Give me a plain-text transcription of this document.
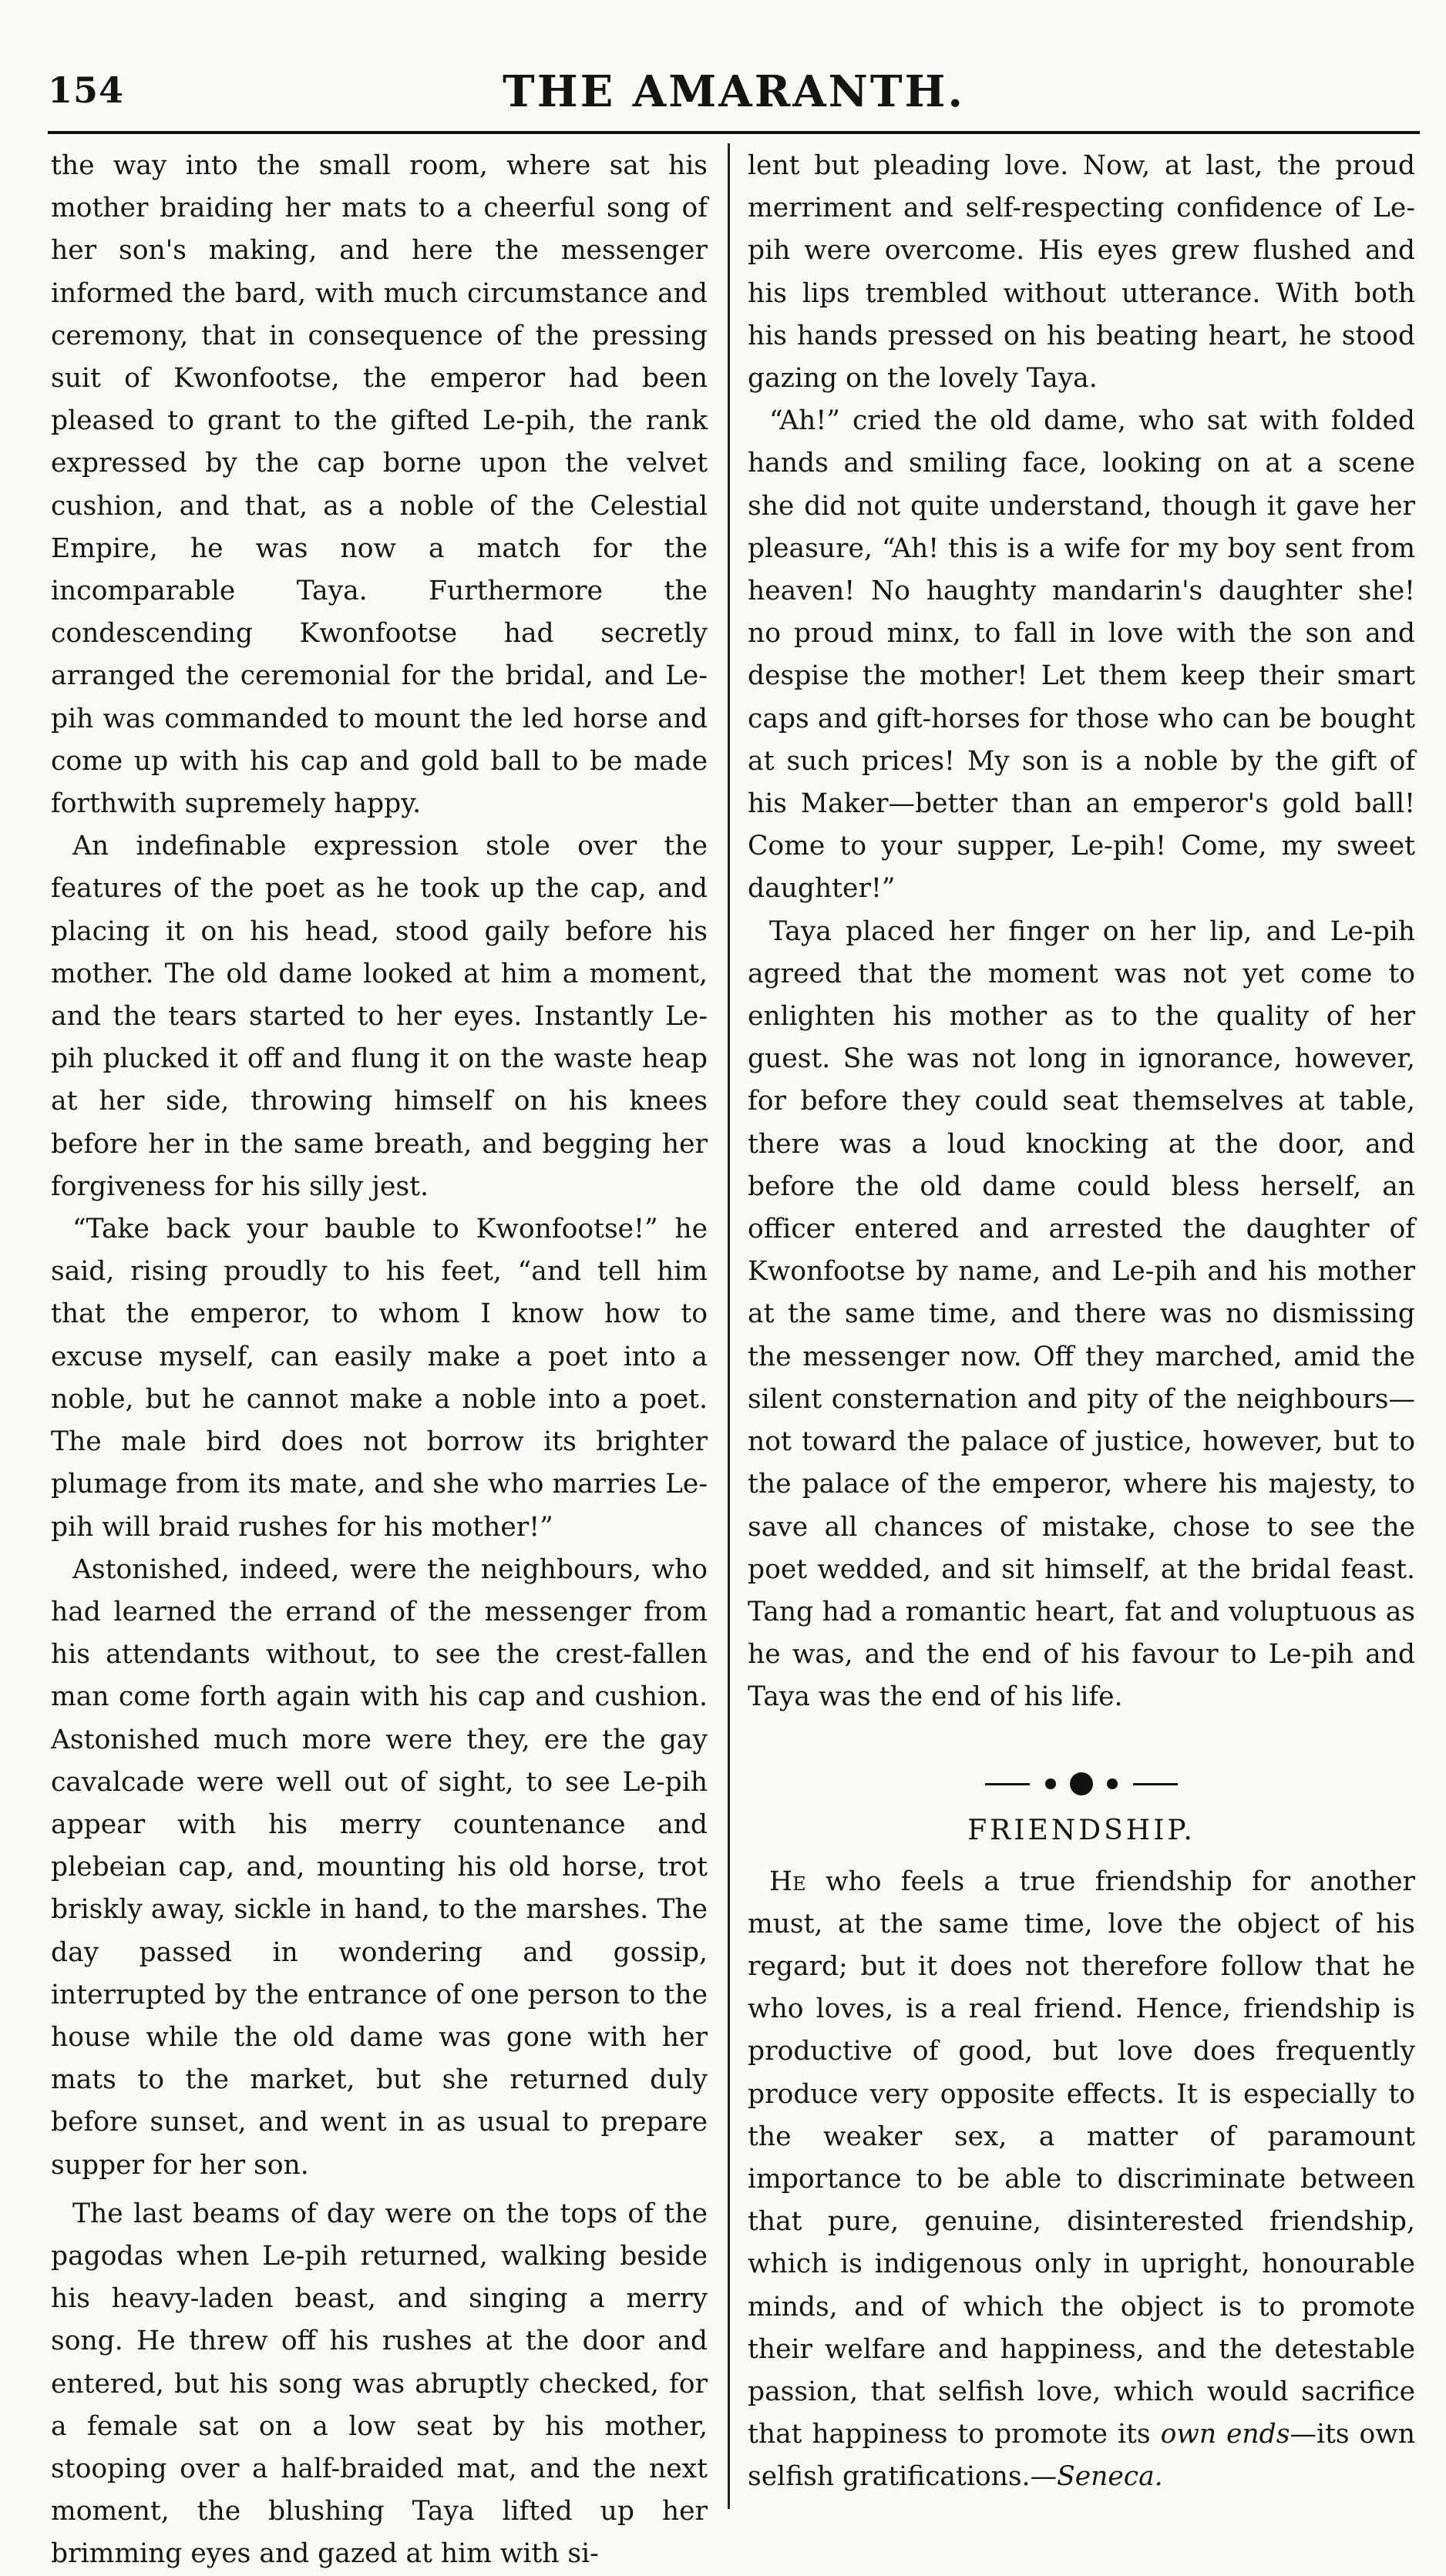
154	THE AMARANTH.

the way into the small room, where sat his mother braiding her mats to a cheerful song of her son's making, and here the messenger informed the bard, with much circumstance and ceremony, that in consequence of the pressing suit of Kwonfootse, the emperor had been pleased to grant to the gifted Le-pih, the rank expressed by the cap borne upon the velvet cushion, and that, as a noble of the Celestial Empire, he was now a match for the incomparable Taya. Furthermore the condescending Kwonfootse had secretly arranged the ceremonial for the bridal, and Le-pih was commanded to mount the led horse and come up with his cap and gold ball to be made forthwith supremely happy.

An indefinable expression stole over the features of the poet as he took up the cap, and placing it on his head, stood gaily before his mother. The old dame looked at him a moment, and the tears started to her eyes. Instantly Le-pih plucked it off and flung it on the waste heap at her side, throwing himself on his knees before her in the same breath, and begging her forgiveness for his silly jest.

“Take back your bauble to Kwonfootse!” he said, rising proudly to his feet, “and tell him that the emperor, to whom I know how to excuse myself, can easily make a poet into a noble, but he cannot make a noble into a poet. The male bird does not borrow its brighter plumage from its mate, and she who marries Le-pih will braid rushes for his mother!”

Astonished, indeed, were the neighbours, who had learned the errand of the messenger from his attendants without, to see the crest-fallen man come forth again with his cap and cushion. Astonished much more were they, ere the gay cavalcade were well out of sight, to see Le-pih appear with his merry countenance and plebeian cap, and, mounting his old horse, trot briskly away, sickle in hand, to the marshes. The day passed in wondering and gossip, interrupted by the entrance of one person to the house while the old dame was gone with her mats to the market, but she returned duly before sunset, and went in as usual to prepare supper for her son.

The last beams of day were on the tops of the pagodas when Le-pih returned, walking beside his heavy-laden beast, and singing a merry song. He threw off his rushes at the door and entered, but his song was abruptly checked, for a female sat on a low seat by his mother, stooping over a half-braided mat, and the next moment, the blushing Taya lifted up her brimming eyes and gazed at him with si-

lent but pleading love. Now, at last, the proud merriment and self-respecting confidence of Le-pih were overcome. His eyes grew flushed and his lips trembled without utterance. With both his hands pressed on his beating heart, he stood gazing on the lovely Taya.

“Ah!” cried the old dame, who sat with folded hands and smiling face, looking on at a scene she did not quite understand, though it gave her pleasure, “Ah! this is a wife for my boy sent from heaven! No haughty mandarin's daughter she! no proud minx, to fall in love with the son and despise the mother! Let them keep their smart caps and gift-horses for those who can be bought at such prices! My son is a noble by the gift of his Maker—better than an emperor's gold ball! Come to your supper, Le-pih! Come, my sweet daughter!”

Taya placed her finger on her lip, and Le-pih agreed that the moment was not yet come to enlighten his mother as to the quality of her guest. She was not long in ignorance, however, for before they could seat themselves at table, there was a loud knocking at the door, and before the old dame could bless herself, an officer entered and arrested the daughter of Kwonfootse by name, and Le-pih and his mother at the same time, and there was no dismissing the messenger now. Off they marched, amid the silent consternation and pity of the neighbours—not toward the palace of justice, however, but to the palace of the emperor, where his majesty, to save all chances of mistake, chose to see the poet wedded, and sit himself, at the bridal feast. Tang had a romantic heart, fat and voluptuous as he was, and the end of his favour to Le-pih and Taya was the end of his life.

FRIENDSHIP.

He who feels a true friendship for another must, at the same time, love the object of his regard; but it does not therefore follow that he who loves, is a real friend. Hence, friendship is productive of good, but love does frequently produce very opposite effects. It is especially to the weaker sex, a matter of paramount importance to be able to discriminate between that pure, genuine, disinterested friendship, which is indigenous only in upright, honourable minds, and of which the object is to promote their welfare and happiness, and the detestable passion, that selfish love, which would sacrifice that happiness to promote its own ends—its own selfish gratifications.—Seneca.
